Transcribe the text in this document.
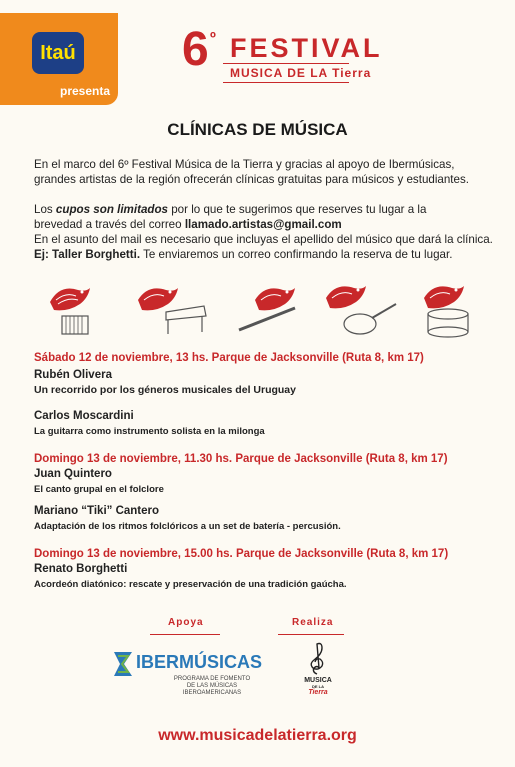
Itaú
presenta
6 º FESTIVAL
MUSICA DE LA Tierra
CLÍNICAS DE MÚSICA
En el marco del 6º Festival Música de la Tierra y gracias al apoyo de Ibermúsicas,
grandes artistas de la región ofrecerán clínicas gratuitas para músicos y estudiantes.
Los cupos son limitados por lo que te sugerimos que reserves tu lugar a la
brevedad a través del correo llamado.artistas@gmail.com
En el asunto del mail es necesario que incluyas el apellido del músico que dará la clínica.
Ej: Taller Borghetti. Te enviaremos un correo confirmando la reserva de tu lugar.
Sábado 12 de noviembre, 13 hs. Parque de Jacksonville (Ruta 8, km 17)
Rubén Olivera
Un recorrido por los géneros musicales del Uruguay
Carlos Moscardini
La guitarra como instrumento solista en la milonga
Domingo 13 de noviembre, 11.30 hs. Parque de Jacksonville (Ruta 8, km 17)
Juan Quintero
El canto grupal en el folclore
Mariano “Tiki” Cantero
Adaptación de los ritmos folclóricos a un set de batería - percusión.
Domingo 13 de noviembre, 15.00 hs. Parque de Jacksonville (Ruta 8, km 17)
Renato Borghetti
Acordeón diatónico: rescate y preservación de una tradición gaúcha.
Apoya
IBERMÚSICAS
PROGRAMA DE FOMENTO
DE LAS MÚSICAS
IBEROAMERICANAS
Realiza
MUSICA
DE LA
Tierra
www.musicadelatierra.org
